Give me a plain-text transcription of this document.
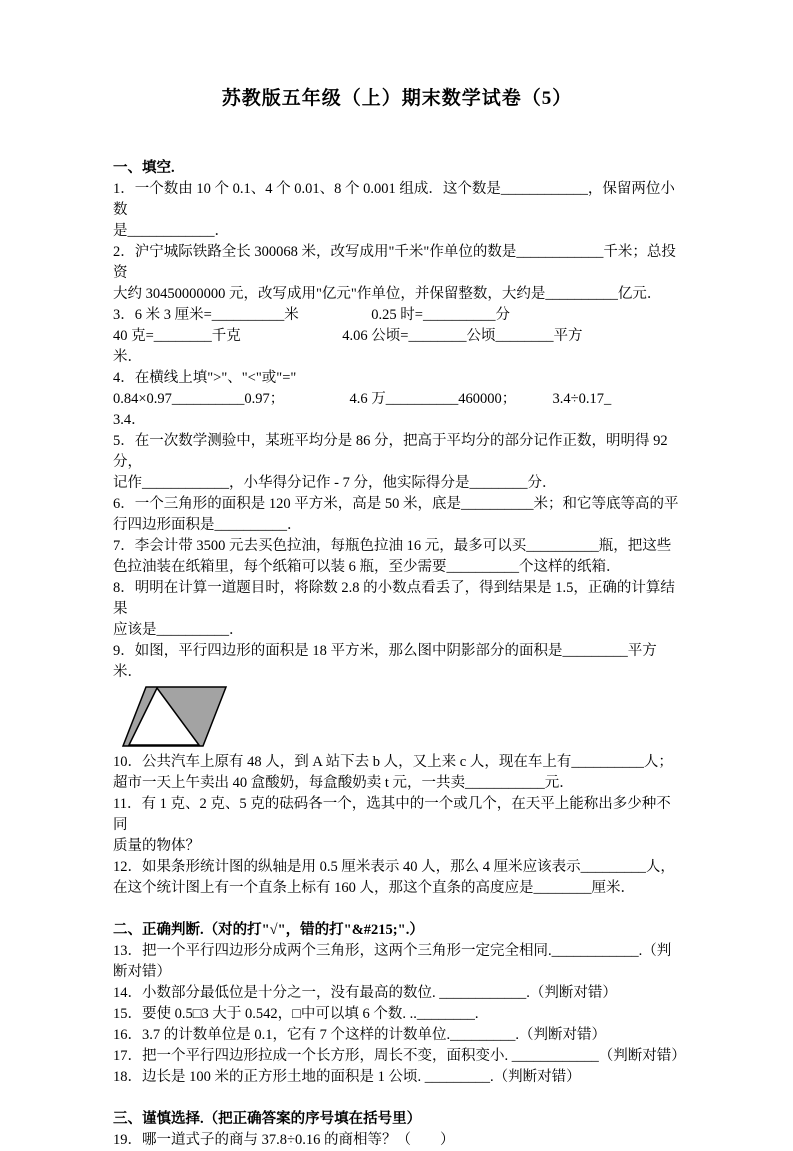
苏教版五年级（上）期末数学试卷（5）
一、填空.
1．一个数由 10 个 0.1、4 个 0.01、8 个 0.001 组成．这个数是____________，保留两位小数
是____________．
2．沪宁城际铁路全长 300068 米，改写成用"千米"作单位的数是____________千米；总投资
大约 30450000000 元，改写成用"亿元"作单位，并保留整数，大约是__________亿元．
3．6 米 3 厘米=__________米　　　　　0.25 时=__________分
40 克=________千克　　　　　　　4.06 公顷=________公顷________平方
米．
4．在横线上填">"、"<"或"="
0.84×0.97__________0.97；　　　　　4.6 万__________460000；　　　3.4÷0.17_
3.4．
5．在一次数学测验中，某班平均分是 86 分，把高于平均分的部分记作正数，明明得 92 分，
记作____________，小华得分记作 - 7 分，他实际得分是________分．
6．一个三角形的面积是 120 平方米，高是 50 米，底是__________米；和它等底等高的平
行四边形面积是__________．
7．李会计带 3500 元去买色拉油，每瓶色拉油 16 元，最多可以买__________瓶，把这些
色拉油装在纸箱里，每个纸箱可以装 6 瓶，至少需要__________个这样的纸箱．
8．明明在计算一道题目时，将除数 2.8 的小数点看丢了，得到结果是 1.5，正确的计算结果
应该是__________．
9．如图，平行四边形的面积是 18 平方米，那么图中阴影部分的面积是_________平方米．
10．公共汽车上原有 48 人，到 A 站下去 b 人，又上来 c 人，现在车上有__________人；
超市一天上午卖出 40 盒酸奶，每盒酸奶卖 t 元，一共卖___________元．
11．有 1 克、2 克、5 克的砝码各一个，选其中的一个或几个，在天平上能称出多少种不同
质量的物体？
12．如果条形统计图的纵轴是用 0.5 厘米表示 40 人，那么 4 厘米应该表示_________人，
在这个统计图上有一个直条上标有 160 人，那这个直条的高度应是________厘米．
二、正确判断.（对的打"√"，错的打"&#215;".）
13．把一个平行四边形分成两个三角形，这两个三角形一定完全相同.____________.（判
断对错）
14．小数部分最低位是十分之一，没有最高的数位. ____________.（判断对错）
15．要使 0.5□3 大于 0.542，□中可以填 6 个数. ..________.
16．3.7 的计数单位是 0.1，它有 7 个这样的计数单位._________.（判断对错）
17．把一个平行四边形拉成一个长方形，周长不变，面积变小. ____________（判断对错）
18．边长是 100 米的正方形土地的面积是 1 公顷. _________.（判断对错）
三、谨慎选择.（把正确答案的序号填在括号里）
19．哪一道式子的商与 37.8÷0.16 的商相等？（　　）
